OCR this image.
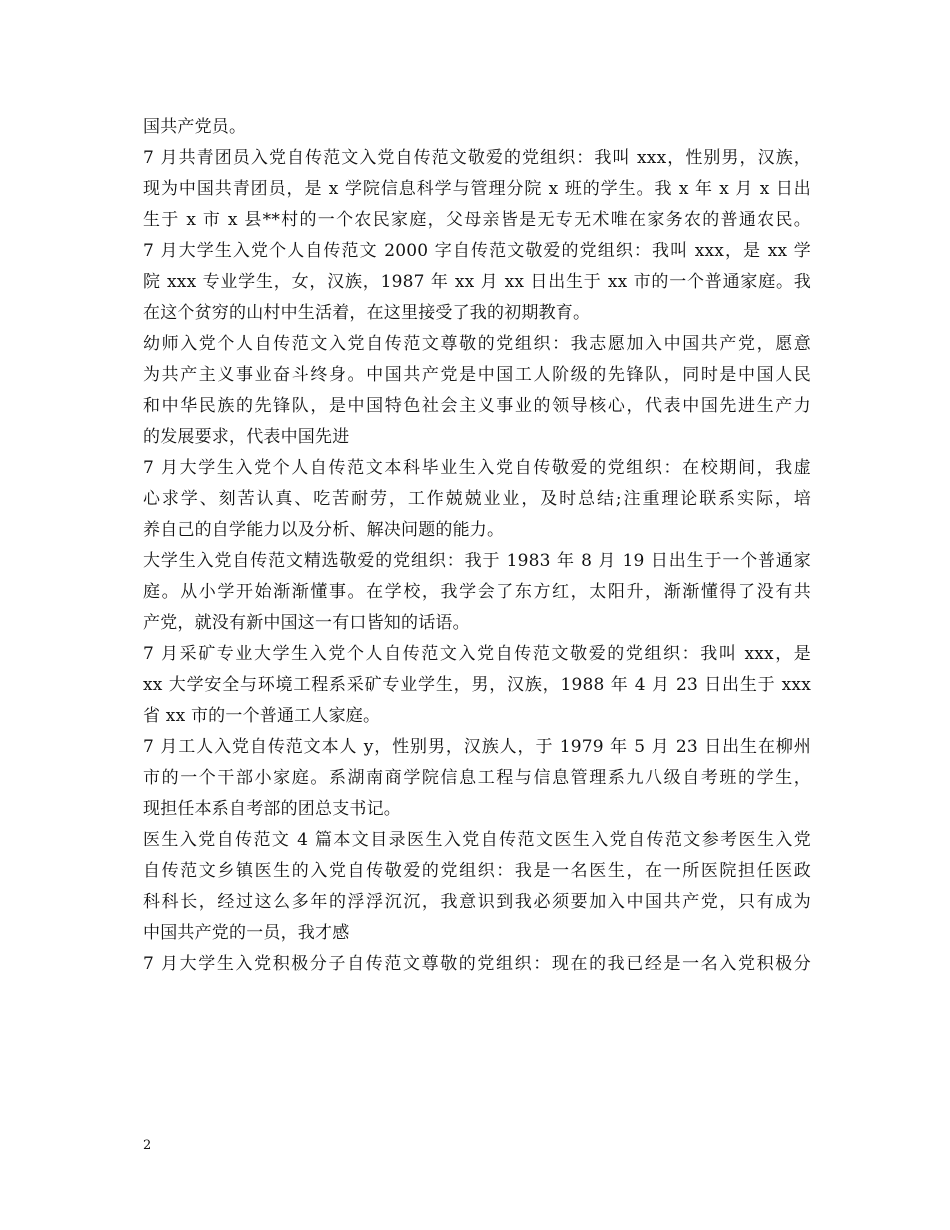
国共产党员。
7 月共青团员入党自传范文入党自传范文敬爱的党组织：我叫 xxx，性别男，汉族，
现为中国共青团员，是 x 学院信息科学与管理分院 x 班的学生。我 x 年 x 月 x 日出
生于 x 市 x 县**村的一个农民家庭，父母亲皆是无专无术唯在家务农的普通农民。
7 月大学生入党个人自传范文 2000 字自传范文敬爱的党组织：我叫 xxx，是 xx 学
院 xxx 专业学生，女，汉族，1987 年 xx 月 xx 日出生于 xx 市的一个普通家庭。我
在这个贫穷的山村中生活着，在这里接受了我的初期教育。
幼师入党个人自传范文入党自传范文尊敬的党组织：我志愿加入中国共产党，愿意
为共产主义事业奋斗终身。中国共产党是中国工人阶级的先锋队，同时是中国人民
和中华民族的先锋队，是中国特色社会主义事业的领导核心，代表中国先进生产力
的发展要求，代表中国先进
7 月大学生入党个人自传范文本科毕业生入党自传敬爱的党组织：在校期间，我虚
心求学、刻苦认真、吃苦耐劳，工作兢兢业业，及时总结;注重理论联系实际，培
养自己的自学能力以及分析、解决问题的能力。
大学生入党自传范文精选敬爱的党组织：我于 1983 年 8 月 19 日出生于一个普通家
庭。从小学开始渐渐懂事。在学校，我学会了东方红，太阳升，渐渐懂得了没有共
产党，就没有新中国这一有口皆知的话语。
7 月采矿专业大学生入党个人自传范文入党自传范文敬爱的党组织：我叫 xxx，是
xx 大学安全与环境工程系采矿专业学生，男，汉族，1988 年 4 月 23 日出生于 xxx
省 xx 市的一个普通工人家庭。
7 月工人入党自传范文本人 y，性别男，汉族人，于 1979 年 5 月 23 日出生在柳州
市的一个干部小家庭。系湖南商学院信息工程与信息管理系九八级自考班的学生，
现担任本系自考部的团总支书记。
医生入党自传范文 4 篇本文目录医生入党自传范文医生入党自传范文参考医生入党
自传范文乡镇医生的入党自传敬爱的党组织：我是一名医生，在一所医院担任医政
科科长，经过这么多年的浮浮沉沉，我意识到我必须要加入中国共产党，只有成为
中国共产党的一员，我才感
7 月大学生入党积极分子自传范文尊敬的党组织：现在的我已经是一名入党积极分
2
